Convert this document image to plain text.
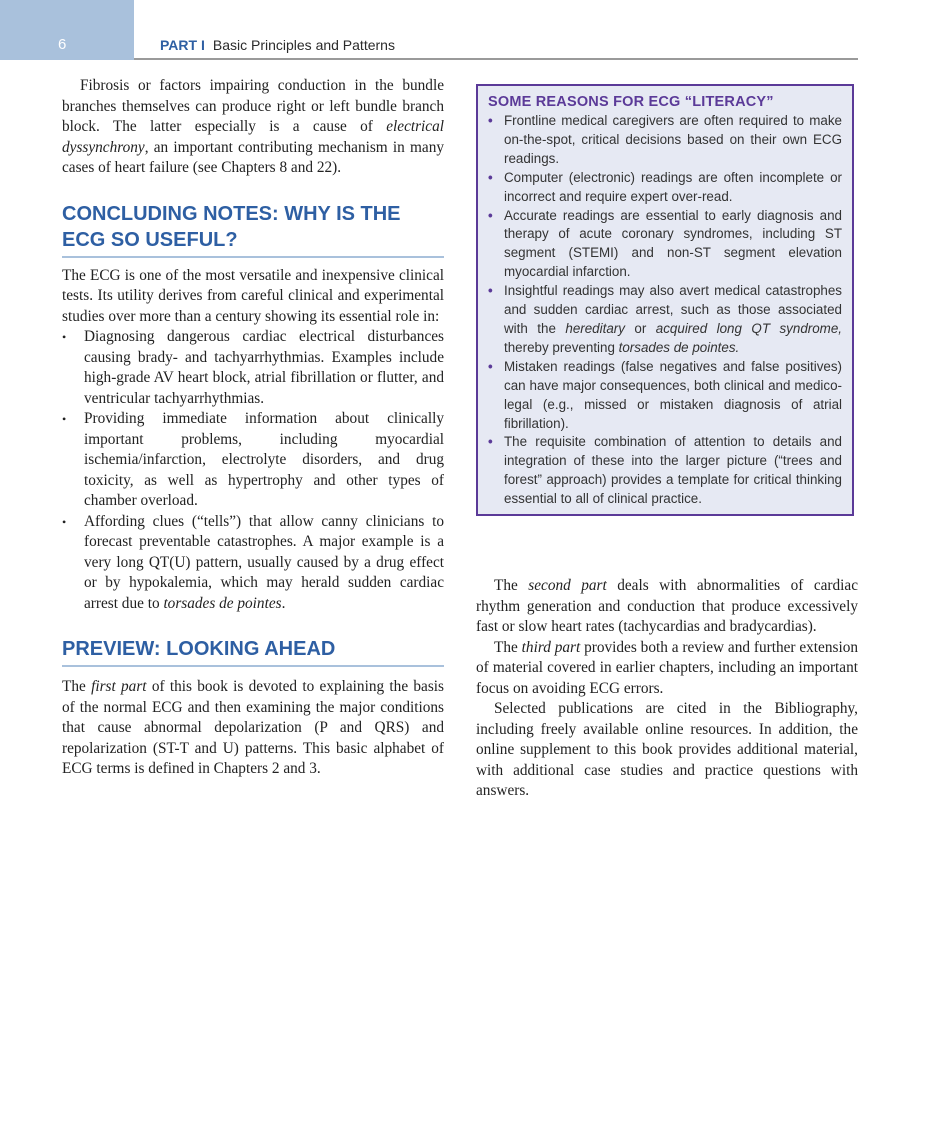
6	PART I Basic Principles and Patterns

Fibrosis or factors impairing conduction in the bundle branches themselves can produce right or left bundle branch block. The latter especially is a cause of electrical dyssynchrony, an important contributing mechanism in many cases of heart failure (see Chapters 8 and 22).

CONCLUDING NOTES: WHY IS THE ECG SO USEFUL?

The ECG is one of the most versatile and inexpensive clinical tests. Its utility derives from careful clinical and experimental studies over more than a century showing its essential role in:

• Diagnosing dangerous cardiac electrical disturbances causing brady- and tachyarrhythmias. Examples include high-grade AV heart block, atrial fibrillation or flutter, and ventricular tachyarrhythmias.
• Providing immediate information about clinically important problems, including myocardial ischemia/infarction, electrolyte disorders, and drug toxicity, as well as hypertrophy and other types of chamber overload.
• Affording clues (“tells”) that allow canny clinicians to forecast preventable catastrophes. A major example is a very long QT(U) pattern, usually caused by a drug effect or by hypokalemia, which may herald sudden cardiac arrest due to torsades de pointes.
PREVIEW: LOOKING AHEAD

The first part of this book is devoted to explaining the basis of the normal ECG and then examining the major conditions that cause abnormal depolarization (P and QRS) and repolarization (ST-T and U) patterns. This basic alphabet of ECG terms is defined in Chapters 2 and 3.

SOME REASONS FOR ECG “LITERACY”
• Frontline medical caregivers are often required to make on-the-spot, critical decisions based on their own ECG readings.
• Computer (electronic) readings are often incomplete or incorrect and require expert over-read.
• Accurate readings are essential to early diagnosis and therapy of acute coronary syndromes, including ST segment (STEMI) and non-ST segment elevation myocardial infarction.
• Insightful readings may also avert medical catastrophes and sudden cardiac arrest, such as those associated with the hereditary or acquired long QT syndrome, thereby preventing torsades de pointes.
• Mistaken readings (false negatives and false positives) can have major consequences, both clinical and medico-legal (e.g., missed or mistaken diagnosis of atrial fibrillation).
• The requisite combination of attention to details and integration of these into the larger picture (“trees and forest” approach) provides a template for critical thinking essential to all of clinical practice.

The second part deals with abnormalities of cardiac rhythm generation and conduction that produce excessively fast or slow heart rates (tachycardias and bradycardias).

The third part provides both a review and further extension of material covered in earlier chapters, including an important focus on avoiding ECG errors.

Selected publications are cited in the Bibliography, including freely available online resources. In addition, the online supplement to this book provides additional material, with additional case studies and practice questions with answers.
